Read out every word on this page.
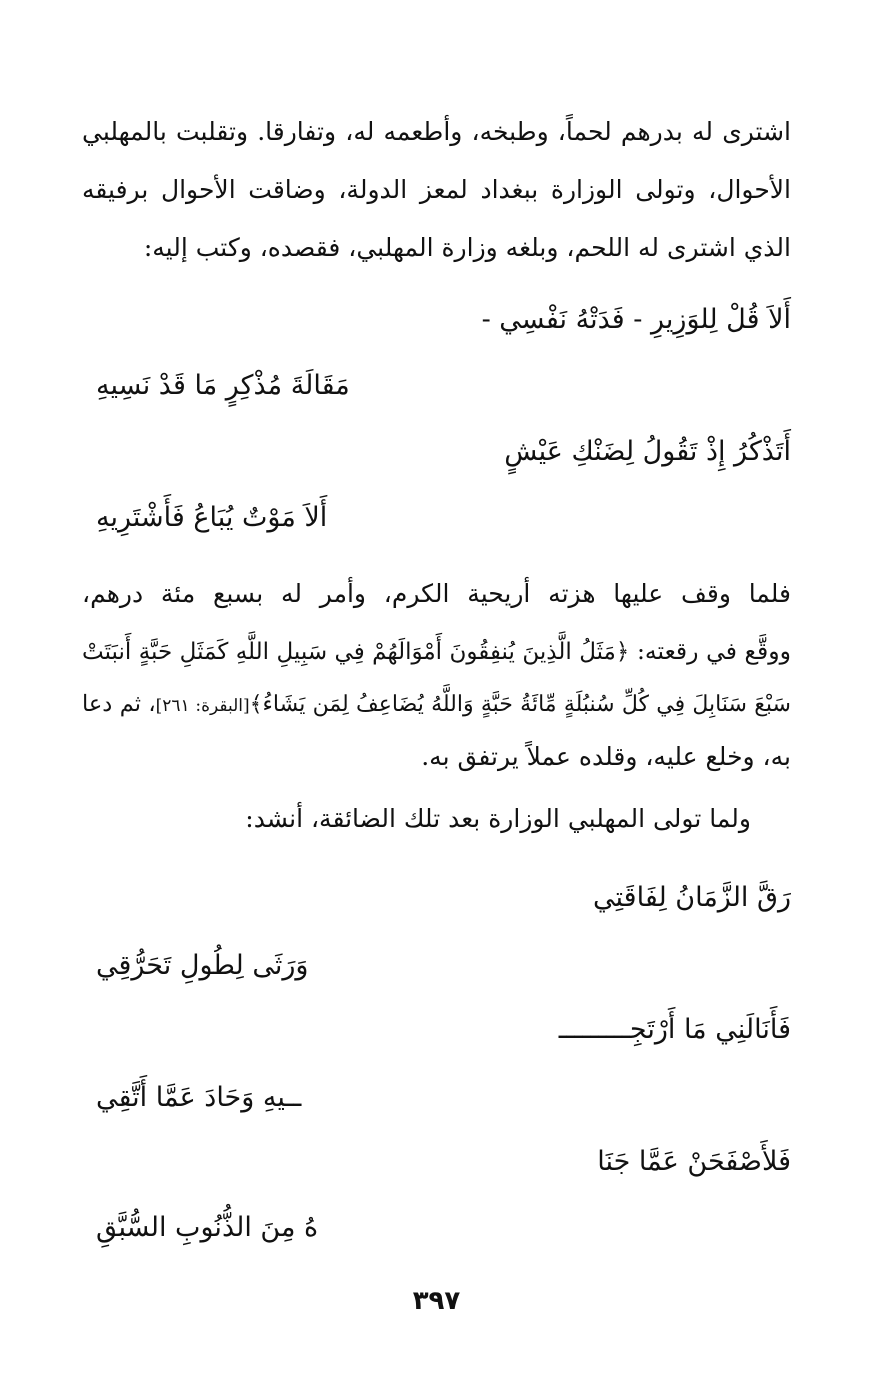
اشترى له بدرهم لحماً، وطبخه، وأطعمه له، وتفارقا. وتقلبت بالمهلبي
الأحوال، وتولى الوزارة ببغداد لمعز الدولة، وضاقت الأحوال برفيقه
الذي اشترى له اللحم، وبلغه وزارة المهلبي، فقصده، وكتب إليه:
أَلاَ قُلْ لِلوَزِيرِ - فَدَتْهُ نَفْسِي -
مَقَالَةَ مُذْكِرٍ مَا قَدْ نَسِيهِ
أَتَذْكُرُ إِذْ تَقُولُ لِضَنْكِ عَيْشٍ
أَلاَ مَوْتٌ يُبَاعُ فَأَشْتَرِيهِ
فلما وقف عليها هزته أريحية الكرم، وأمر له بسبع مئة درهم،
ووقَّع في رقعته: ﴿مَثَلُ الَّذِينَ يُنفِقُونَ أَمْوَالَهُمْ فِي سَبِيلِ اللَّهِ كَمَثَلِ حَبَّةٍ أَنبَتَتْ
سَبْعَ سَنَابِلَ فِي كُلِّ سُنبُلَةٍ مِّائَةُ حَبَّةٍ وَاللَّهُ يُضَاعِفُ لِمَن يَشَاءُ﴾[البقرة: ٢٦١]، ثم دعا
به، وخلع عليه، وقلده عملاً يرتفق به.
ولما تولى المهلبي الوزارة بعد تلك الضائقة، أنشد:
رَقَّ الزَّمَانُ لِفَاقَتِي
وَرَثَى لِطُولِ تَحَرُّقِي
فَأَنَالَنِي مَا أَرْتَجِـــــــــ
ــيهِ وَحَادَ عَمَّا أَتَّقِي
فَلأَصْفَحَنْ عَمَّا جَنَا
هُ مِنَ الذُّنُوبِ السُّبَّقِ
٣٩٧
